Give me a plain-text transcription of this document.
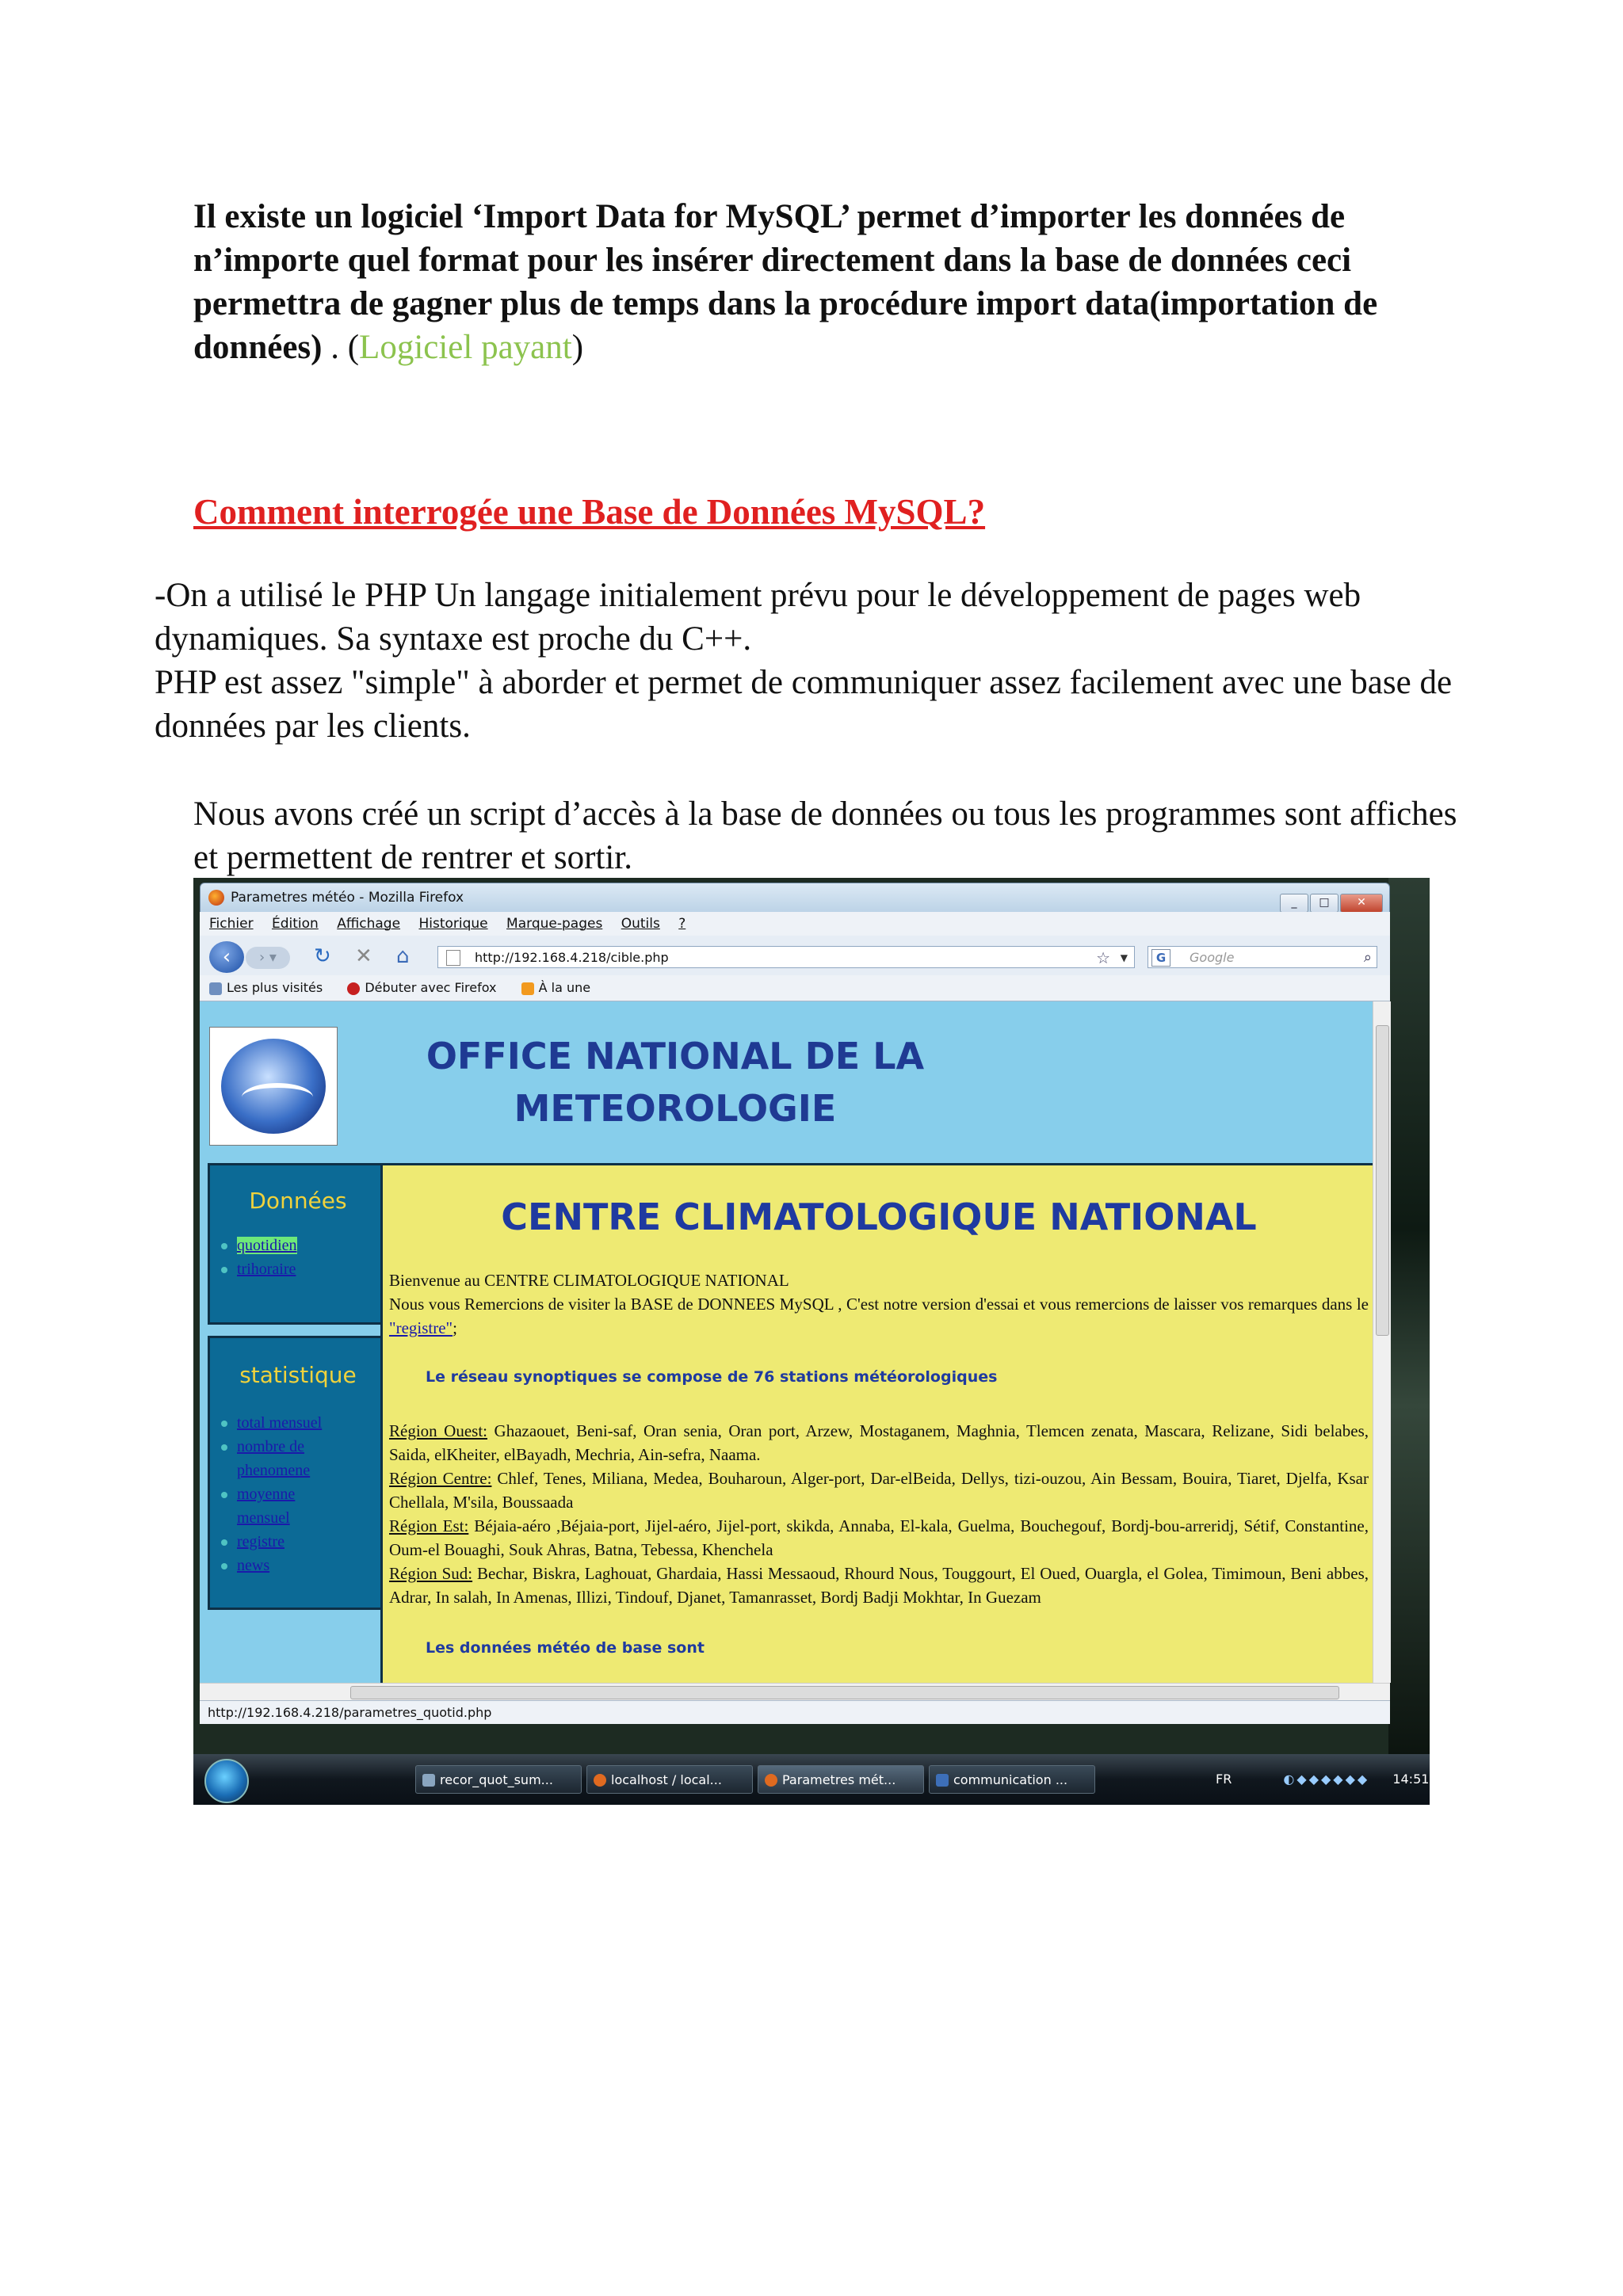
Il existe un logiciel ‘Import Data for MySQL’ permet d’importer les données de n’importe quel format pour les insérer directement dans la base de données ceci permettra de gagner plus de temps dans la procédure import data(importation de données) . (Logiciel payant)
Comment interrogée une Base de Données MySQL?
-On a utilisé le PHP Un langage initialement prévu pour le développement de pages web dynamiques. Sa syntaxe est proche du C++.
PHP est assez "simple" à aborder et permet de communiquer assez facilement avec une base de données par les clients.
Nous avons créé un script d’accès à la base de données ou tous les programmes sont affiches et permettent de rentrer et sortir.
Parametres météo - Mozilla Firefox	_ □ ✕
Fichier Édition Affichage Historique Marque-pages Outils ?
‹	› ▾	↻ ✕ ⌂	http://192.168.4.218/cible.php	☆ ▼	G	Google	⌕
Les plus visités	Débuter avec Firefox	À la une
OFFICE NATIONAL DE LA
METEOROLOGIE
Données
quotidien
trihoraire
statistique
total mensuel
nombre de
phenomene
moyenne
mensuel
registre
news
CENTRE CLIMATOLOGIQUE NATIONAL
Bienvenue au CENTRE CLIMATOLOGIQUE NATIONAL
Nous vous Remercions de visiter la BASE de DONNEES MySQL , C'est notre version d'essai et vous remercions de laisser vos remarques dans le "registre";
Le réseau synoptiques se compose de 76 stations météorologiques
Région Ouest: Ghazaouet, Beni-saf, Oran senia, Oran port, Arzew, Mostaganem, Maghnia, Tlemcen zenata, Mascara, Relizane, Sidi belabes, Saida, elKheiter, elBayadh, Mechria, Ain-sefra, Naama.
Région Centre: Chlef, Tenes, Miliana, Medea, Bouharoun, Alger-port, Dar-elBeida, Dellys, tizi-ouzou, Ain Bessam, Bouira, Tiaret, Djelfa, Ksar Chellala, M'sila, Boussaada
Région Est: Béjaia-aéro ,Béjaia-port, Jijel-aéro, Jijel-port, skikda, Annaba, El-kala, Guelma, Bouchegouf, Bordj-bou-arreridj, Sétif, Constantine, Oum-el Bouaghi, Souk Ahras, Batna, Tebessa, Khenchela
Région Sud: Bechar, Biskra, Laghouat, Ghardaia, Hassi Messaoud, Rhourd Nous, Touggourt, El Oued, Ouargla, el Golea, Timimoun, Beni abbes, Adrar, In salah, In Amenas, Illizi, Tindouf, Djanet, Tamanrasset, Bordj Badji Mokhtar, In Guezam
Les données météo de base sont
http://192.168.4.218/parametres_quotid.php
recor_quot_sum...	localhost / local...	Parametres mét...	communication ...	FR	◐◆◆◆◆◆◆ 14:51
